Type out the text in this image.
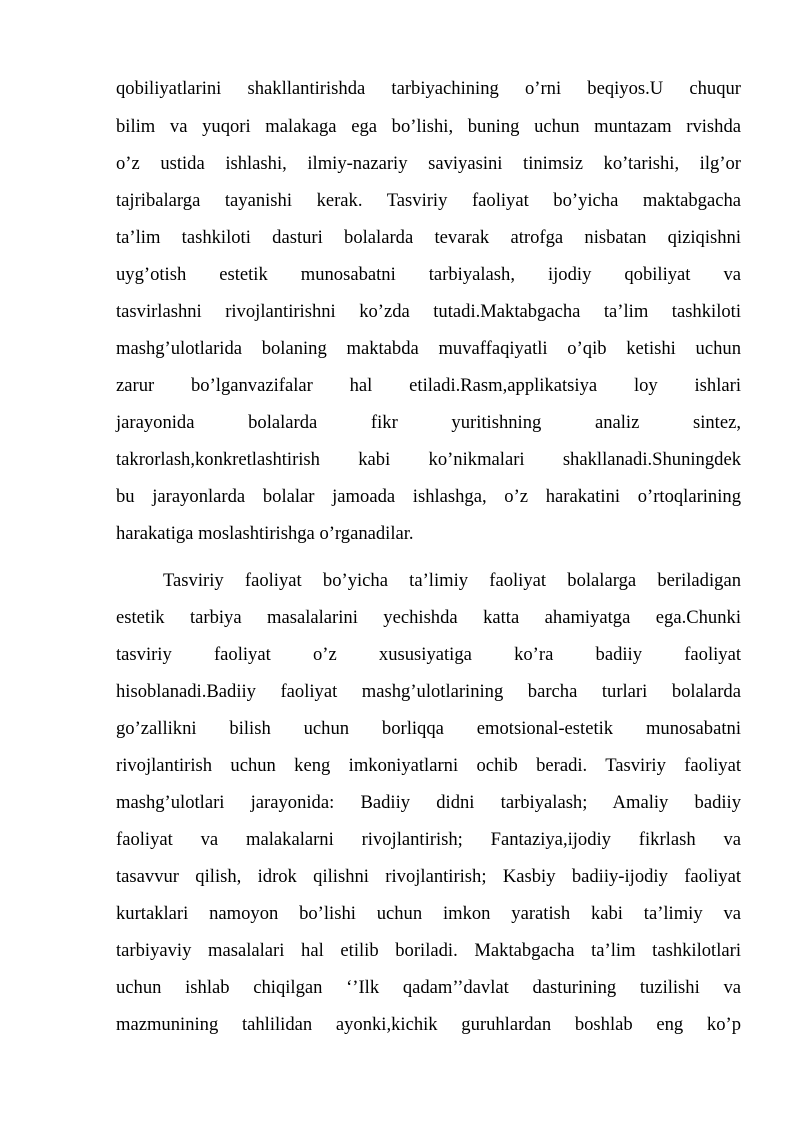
qobiliyatlarini shakllantirishda tarbiyachining o’rni beqiyos.U chuqur
bilim va yuqori malakaga ega bo’lishi, buning uchun muntazam rvishda
o’z ustida ishlashi, ilmiy-nazariy saviyasini tinimsiz ko’tarishi, ilg’or
tajribalarga tayanishi kerak. Tasviriy faoliyat bo’yicha maktabgacha
ta’lim tashkiloti dasturi bolalarda tevarak atrofga nisbatan qiziqishni
uyg’otish estetik munosabatni tarbiyalash, ijodiy qobiliyat va
tasvirlashni rivojlantirishni ko’zda tutadi.Maktabgacha ta’lim tashkiloti
mashg’ulotlarida bolaning maktabda muvaffaqiyatli o’qib ketishi uchun
zarur bo’lganvazifalar hal etiladi.Rasm,applikatsiya loy ishlari
jarayonida bolalarda fikr yuritishning analiz sintez,
takrorlash,konkretlashtirish kabi ko’nikmalari shakllanadi.Shuningdek
bu jarayonlarda bolalar jamoada ishlashga, o’z harakatini o’rtoqlarining
harakatiga moslashtirishga o’rganadilar.
Tasviriy faoliyat bo’yicha ta’limiy faoliyat bolalarga beriladigan
estetik tarbiya masalalarini yechishda katta ahamiyatga ega.Chunki
tasviriy faoliyat o’z xususiyatiga ko’ra badiiy faoliyat
hisoblanadi.Badiiy faoliyat mashg’ulotlarining barcha turlari bolalarda
go’zallikni bilish uchun borliqqa emotsional-estetik munosabatni
rivojlantirish uchun keng imkoniyatlarni ochib beradi. Tasviriy faoliyat
mashg’ulotlari jarayonida: Badiiy didni tarbiyalash; Amaliy badiiy
faoliyat va malakalarni rivojlantirish; Fantaziya,ijodiy fikrlash va
tasavvur qilish, idrok qilishni rivojlantirish; Kasbiy badiiy-ijodiy faoliyat
kurtaklari namoyon bo’lishi uchun imkon yaratish kabi ta’limiy va
tarbiyaviy masalalari hal etilib boriladi. Maktabgacha ta’lim tashkilotlari
uchun ishlab chiqilgan ‘’Ilk qadam’’davlat dasturining tuzilishi va
mazmunining tahlilidan ayonki,kichik guruhlardan boshlab eng ko’p
